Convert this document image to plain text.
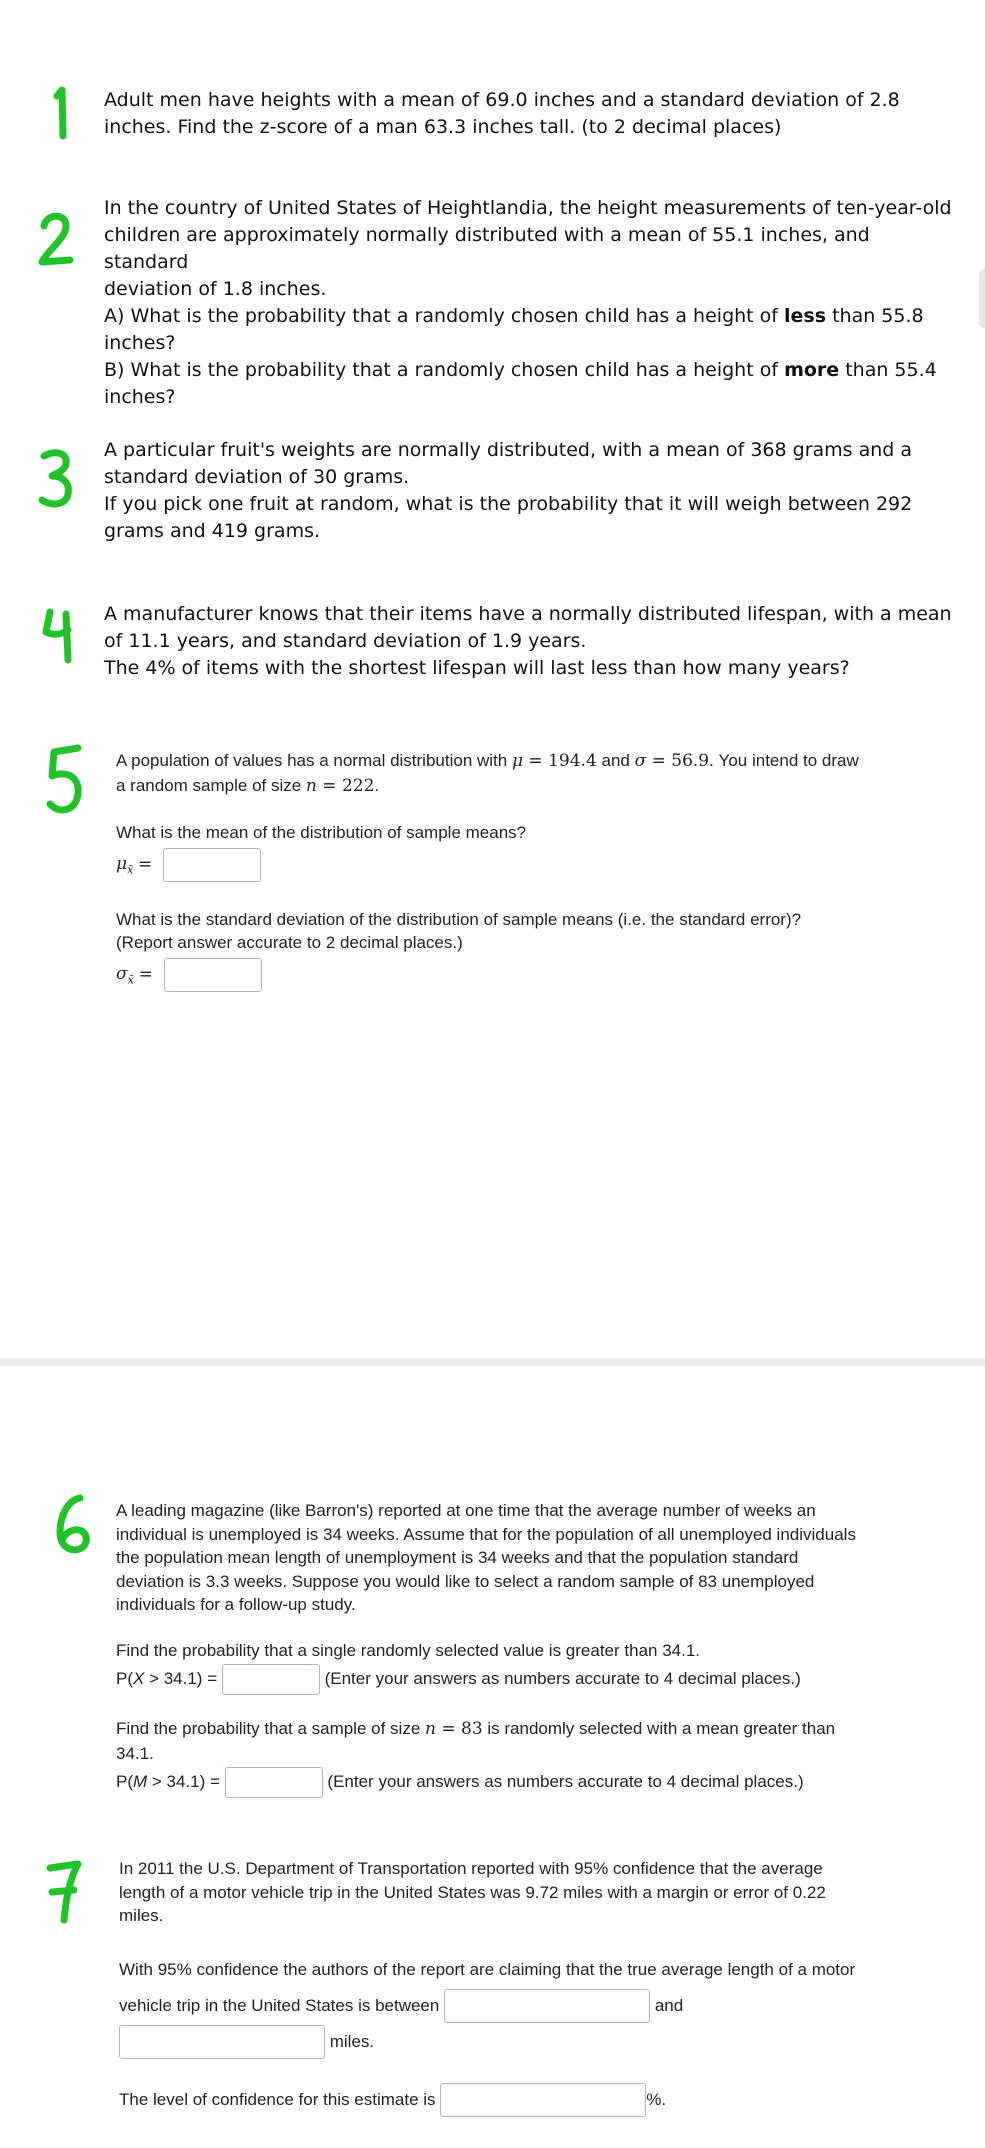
Adult men have heights with a mean of 69.0 inches and a standard deviation of 2.8
inches. Find the z-score of a man 63.3 inches tall. (to 2 decimal places)
In the country of United States of Heightlandia, the height measurements of ten-year-old
children are approximately normally distributed with a mean of 55.1 inches, and standard
deviation of 1.8 inches.
A) What is the probability that a randomly chosen child has a height of less than 55.8
inches?
B) What is the probability that a randomly chosen child has a height of more than 55.4
inches?
A particular fruit's weights are normally distributed, with a mean of 368 grams and a
standard deviation of 30 grams.
If you pick one fruit at random, what is the probability that it will weigh between 292
grams and 419 grams.
A manufacturer knows that their items have a normally distributed lifespan, with a mean
of 11.1 years, and standard deviation of 1.9 years.
The 4% of items with the shortest lifespan will last less than how many years?
A population of values has a normal distribution with μ = 194.4 and σ = 56.9. You intend to draw
a random sample of size n = 222.
What is the mean of the distribution of sample means?
$\mu_{x̄}$ =
What is the standard deviation of the distribution of sample means (i.e. the standard error)?
(Report answer accurate to 2 decimal places.)
$\sigma_{x̄}$ =
A leading magazine (like Barron's) reported at one time that the average number of weeks an
individual is unemployed is 34 weeks. Assume that for the population of all unemployed individuals
the population mean length of unemployment is 34 weeks and that the population standard
deviation is 3.3 weeks. Suppose you would like to select a random sample of 83 unemployed
individuals for a follow-up study.
Find the probability that a single randomly selected value is greater than 34.1.
P(X > 34.1) =	(Enter your answers as numbers accurate to 4 decimal places.)
Find the probability that a sample of size n = 83 is randomly selected with a mean greater than
34.1.
P(M > 34.1) =	(Enter your answers as numbers accurate to 4 decimal places.)
In 2011 the U.S. Department of Transportation reported with 95% confidence that the average
length of a motor vehicle trip in the United States was 9.72 miles with a margin or error of 0.22
miles.
With 95% confidence the authors of the report are claiming that the true average length of a motor
vehicle trip in the United States is between	and
miles.
The level of confidence for this estimate is	%.
